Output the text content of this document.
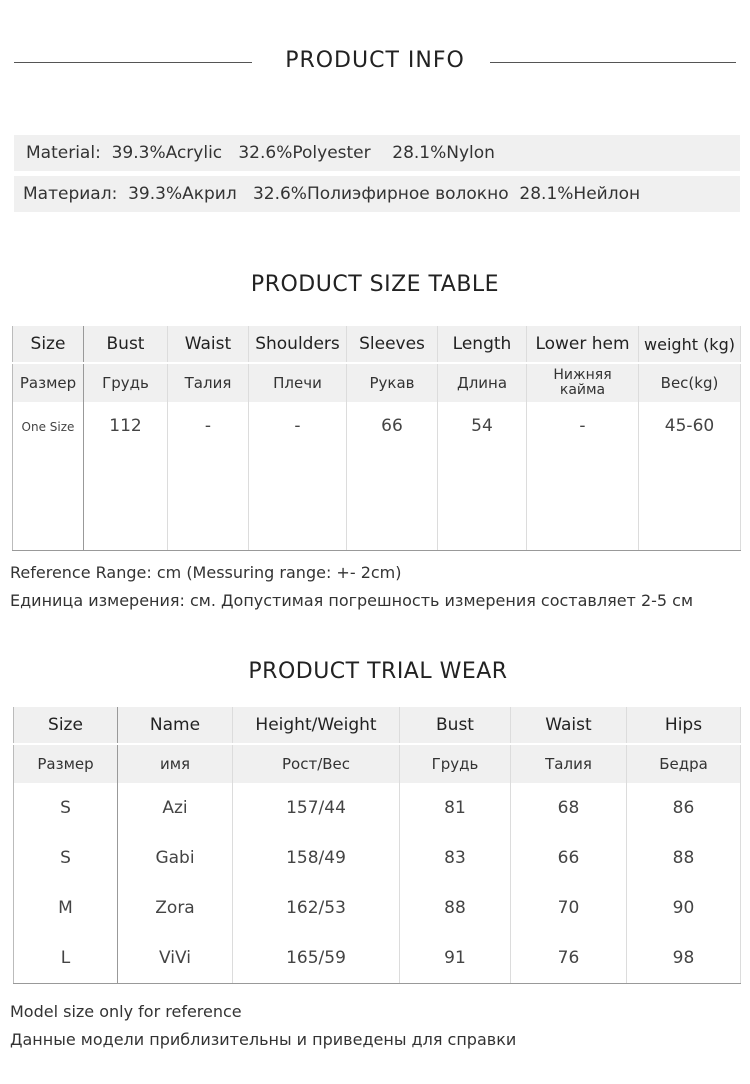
PRODUCT INFO
Material: 39.3%Acrylic 32.6%Polyester 28.1%Nylon
Материал: 39.3%Акрил 32.6%Полиэфирное волокно 28.1%Нейлон
PRODUCT SIZE TABLE
Size	Bust	Waist	Shoulders	Sleeves	Length	Lower hem	weight (kg)
Размер	Грудь	Талия	Плечи	Рукав	Длина	Нижняя кайма	Вес(kg)
One Size	112	-	-	66	54	-	45-60
Reference Range: cm (Messuring range: +- 2cm)
Единица измерения: см. Допустимая погрешность измерения составляет 2-5 см
PRODUCT TRIAL WEAR
Size	Name	Height/Weight	Bust	Waist	Hips
Размер	имя	Рост/Вес	Грудь	Талия	Бедра
S	Azi	157/44	81	68	86
S	Gabi	158/49	83	66	88
M	Zora	162/53	88	70	90
L	ViVi	165/59	91	76	98
Model size only for reference
Данные модели приблизительны и приведены для справки
